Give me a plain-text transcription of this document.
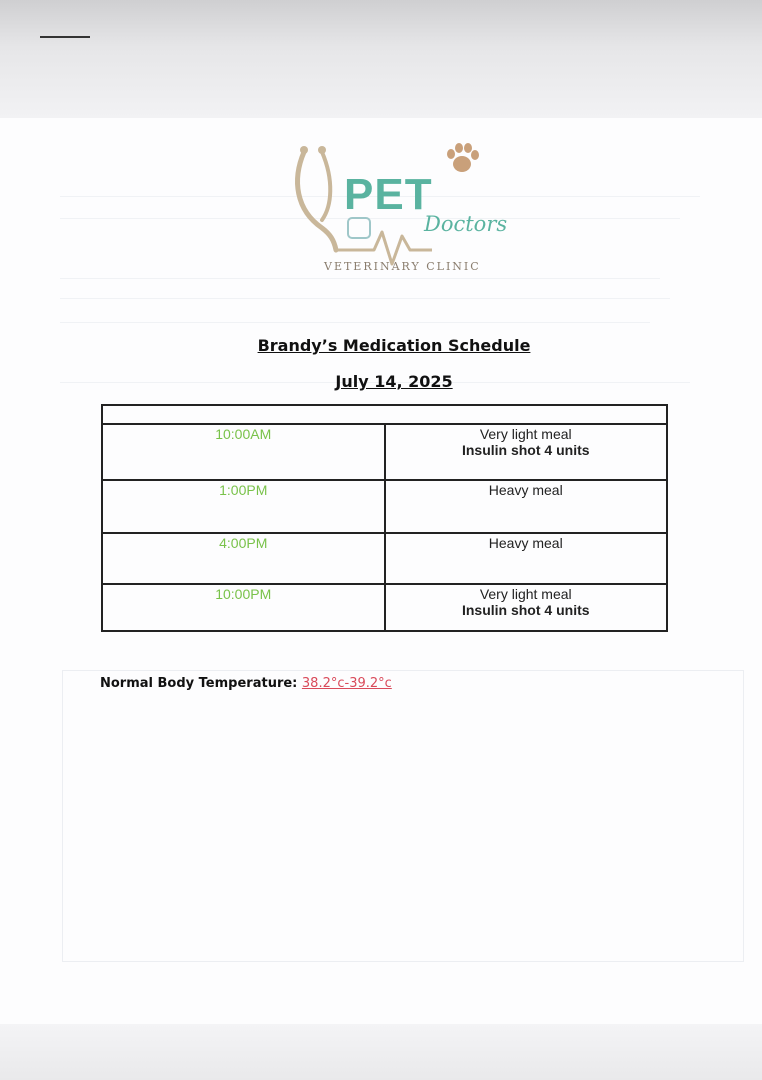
PET
Doctors
VETERINARY CLINIC
Brandy’s Medication Schedule
July 14, 2025

10:00AM	Very light meal
Insulin shot 4 units

1:00PM	Heavy meal
4:00PM	Heavy meal
10:00PM	Very light meal
Insulin shot 4 units
Normal Body Temperature: 38.2°c-39.2°c
